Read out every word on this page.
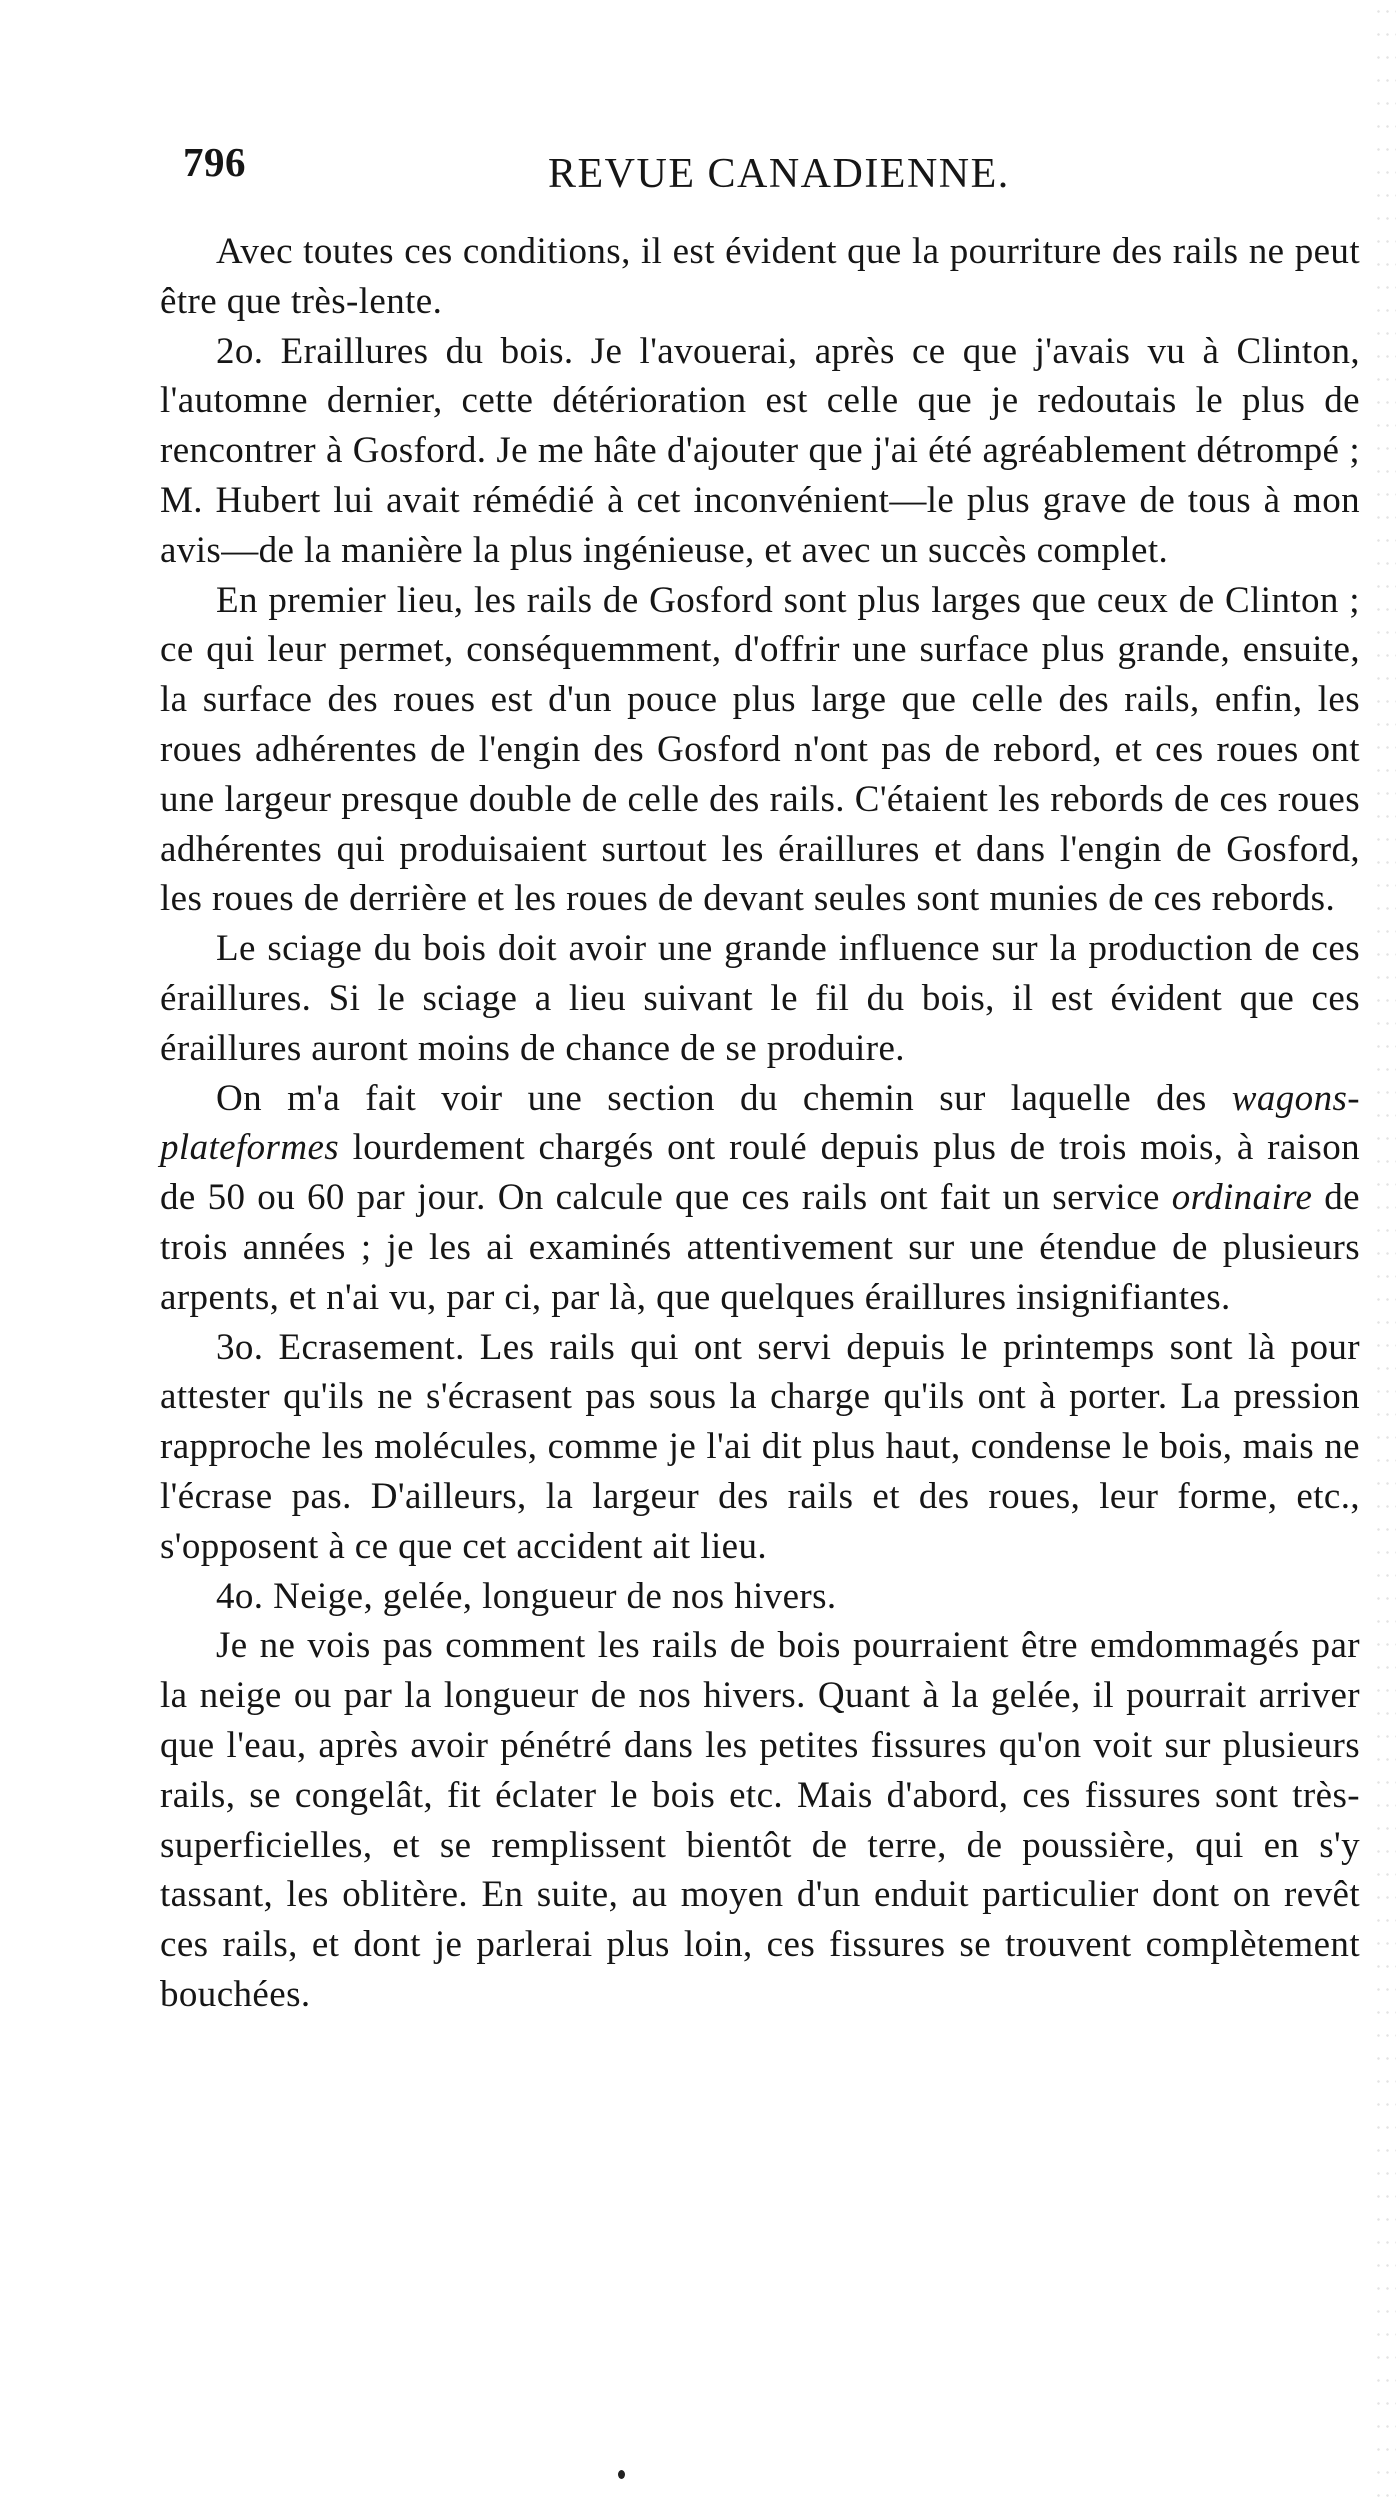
796	REVUE CANADIENNE.

Avec toutes ces conditions, il est évident que la pourriture des rails ne peut être que très-lente.

2o. Eraillures du bois. Je l'avouerai, après ce que j'avais vu à Clinton, l'automne dernier, cette détérioration est celle que je redoutais le plus de rencontrer à Gosford. Je me hâte d'ajouter que j'ai été agréablement détrompé ; M. Hubert lui avait rémédié à cet inconvénient—le plus grave de tous à mon avis—de la manière la plus ingénieuse, et avec un succès complet.

En premier lieu, les rails de Gosford sont plus larges que ceux de Clinton ; ce qui leur permet, conséquemment, d'offrir une surface plus grande, ensuite, la surface des roues est d'un pouce plus large que celle des rails, enfin, les roues adhérentes de l'engin des Gosford n'ont pas de rebord, et ces roues ont une largeur presque double de celle des rails. C'étaient les rebords de ces roues adhérentes qui produisaient surtout les éraillures et dans l'engin de Gosford, les roues de derrière et les roues de devant seules sont munies de ces rebords.

Le sciage du bois doit avoir une grande influence sur la production de ces éraillures. Si le sciage a lieu suivant le fil du bois, il est évident que ces éraillures auront moins de chance de se produire.

On m'a fait voir une section du chemin sur laquelle des wagons-plateformes lourdement chargés ont roulé depuis plus de trois mois, à raison de 50 ou 60 par jour. On calcule que ces rails ont fait un service ordinaire de trois années ; je les ai examinés attentivement sur une étendue de plusieurs arpents, et n'ai vu, par ci, par là, que quelques éraillures insignifiantes.

3o. Ecrasement. Les rails qui ont servi depuis le printemps sont là pour attester qu'ils ne s'écrasent pas sous la charge qu'ils ont à porter. La pression rapproche les molécules, comme je l'ai dit plus haut, condense le bois, mais ne l'écrase pas. D'ailleurs, la largeur des rails et des roues, leur forme, etc., s'opposent à ce que cet accident ait lieu.

4o. Neige, gelée, longueur de nos hivers.

Je ne vois pas comment les rails de bois pourraient être emdommagés par la neige ou par la longueur de nos hivers. Quant à la gelée, il pourrait arriver que l'eau, après avoir pénétré dans les petites fissures qu'on voit sur plusieurs rails, se congelât, fit éclater le bois etc. Mais d'abord, ces fissures sont très-superficielles, et se remplissent bientôt de terre, de poussière, qui en s'y tassant, les oblitère. En suite, au moyen d'un enduit particulier dont on revêt ces rails, et dont je parlerai plus loin, ces fissures se trouvent complètement bouchées.
